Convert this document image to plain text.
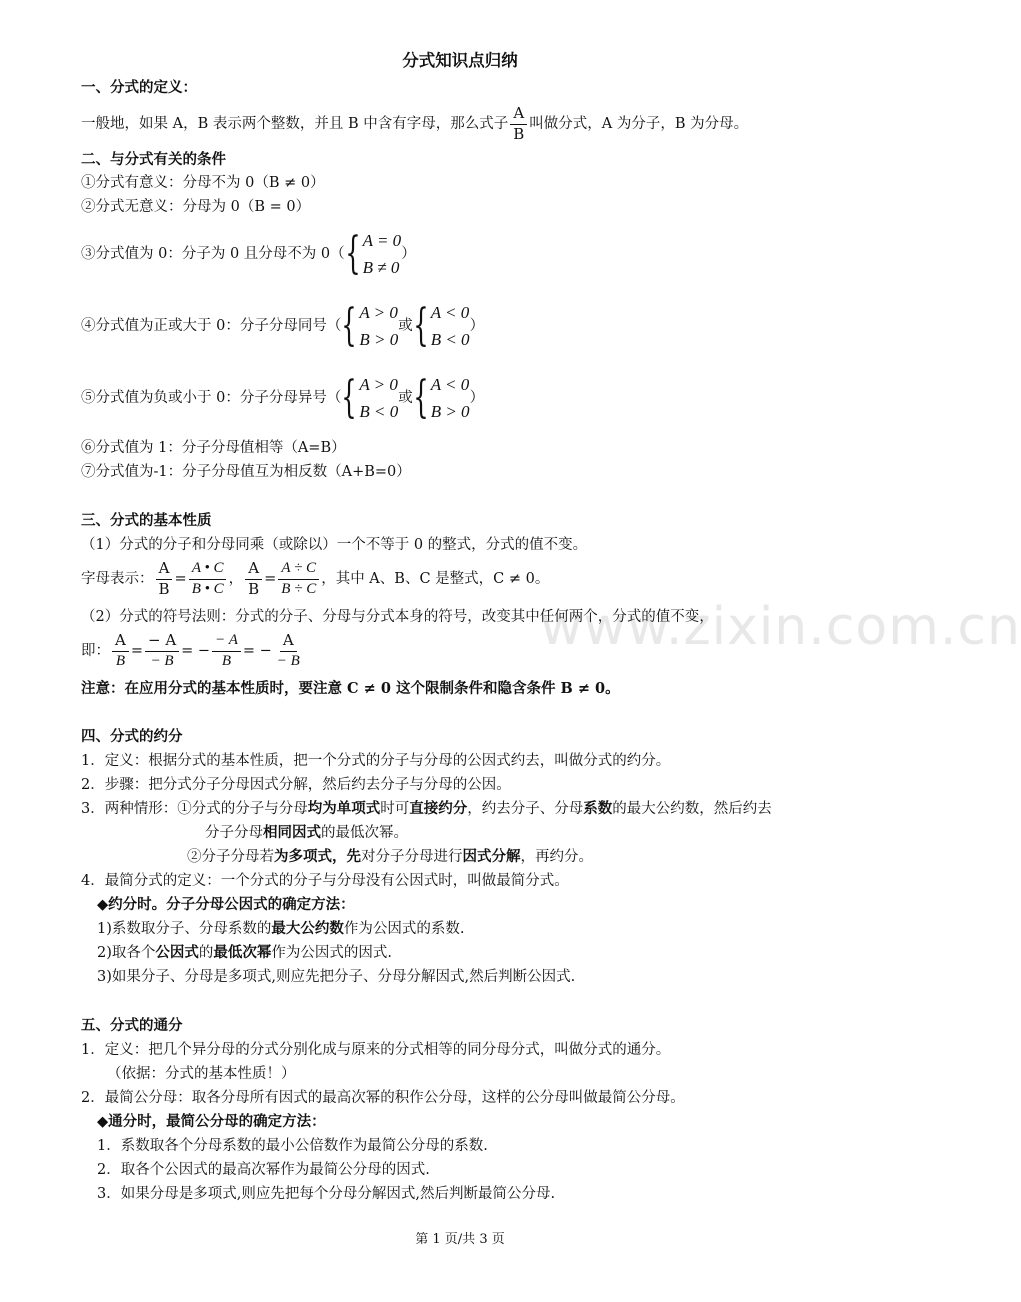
www.zixin.com.cn
分式知识点归纳
一、分式的定义：
一般地，如果 A，B 表示两个整数，并且 B 中含有字母，那么式子 $\frac{A}{B}$ 叫做分式，A 为分子，B 为分母。
二、与分式有关的条件
①分式有意义：分母不为 0（B ≠ 0）
②分式无意义：分母为 0（B = 0）
③分式值为 0：分子为 0 且分母不为 0（ { A = 0
B ≠ 0
）
④分式值为正或大于 0：分子分母同号（ { A > 0
B > 0
或 { A < 0
B < 0
）
⑤分式值为负或小于 0：分子分母异号（ { A > 0
B < 0
或 { A < 0
B > 0
）
⑥分式值为 1：分子分母值相等（A=B）
⑦分式值为-1：分子分母值互为相反数（A+B=0）
三、分式的基本性质
（1）分式的分子和分母同乘（或除以）一个不等于 0 的整式，分式的值不变。
字母表示： $\frac{A}{B} = \frac{A • C}{B • C}$ ， $\frac{A}{B} = \frac{A \div C}{B \div C}$ ，其中 A、B、C 是整式，C ≠ 0。
（2）分式的符号法则：分式的分子、分母与分式本身的符号，改变其中任何两个，分式的值不变，
即： $\frac{A}{B} = \frac{- A}{- B}$ = − $\frac{- A}{B}$ = − $\frac{A}{- B}$
注意：在应用分式的基本性质时，要注意 C ≠ 0 这个限制条件和隐含条件 B ≠ 0。
四、分式的约分
1．定义：根据分式的基本性质，把一个分式的分子与分母的公因式约去，叫做分式的约分。
2．步骤：把分式分子分母因式分解，然后约去分子与分母的公因。
3．两种情形：①分式的分子与分母均为单项式时可直接约分，约去分子、分母系数的最大公约数，然后约去
分子分母相同因式的最低次幂。
②分子分母若为多项式，先对分子分母进行因式分解，再约分。
4．最简分式的定义：一个分式的分子与分母没有公因式时，叫做最简分式。
◆约分时。分子分母公因式的确定方法：
1)系数取分子、分母系数的最大公约数作为公因式的系数.
2)取各个公因式的最低次幂作为公因式的因式.
3)如果分子、分母是多项式,则应先把分子、分母分解因式,然后判断公因式.
五、分式的通分
1．定义：把几个异分母的分式分别化成与原来的分式相等的同分母分式，叫做分式的通分。
（依据：分式的基本性质！）
2．最简公分母：取各分母所有因式的最高次幂的积作公分母，这样的公分母叫做最简公分母。
◆通分时，最简公分母的确定方法：
1．系数取各个分母系数的最小公倍数作为最简公分母的系数.
2．取各个公因式的最高次幂作为最简公分母的因式.
3．如果分母是多项式,则应先把每个分母分解因式,然后判断最简公分母.
第 1 页/共 3 页
